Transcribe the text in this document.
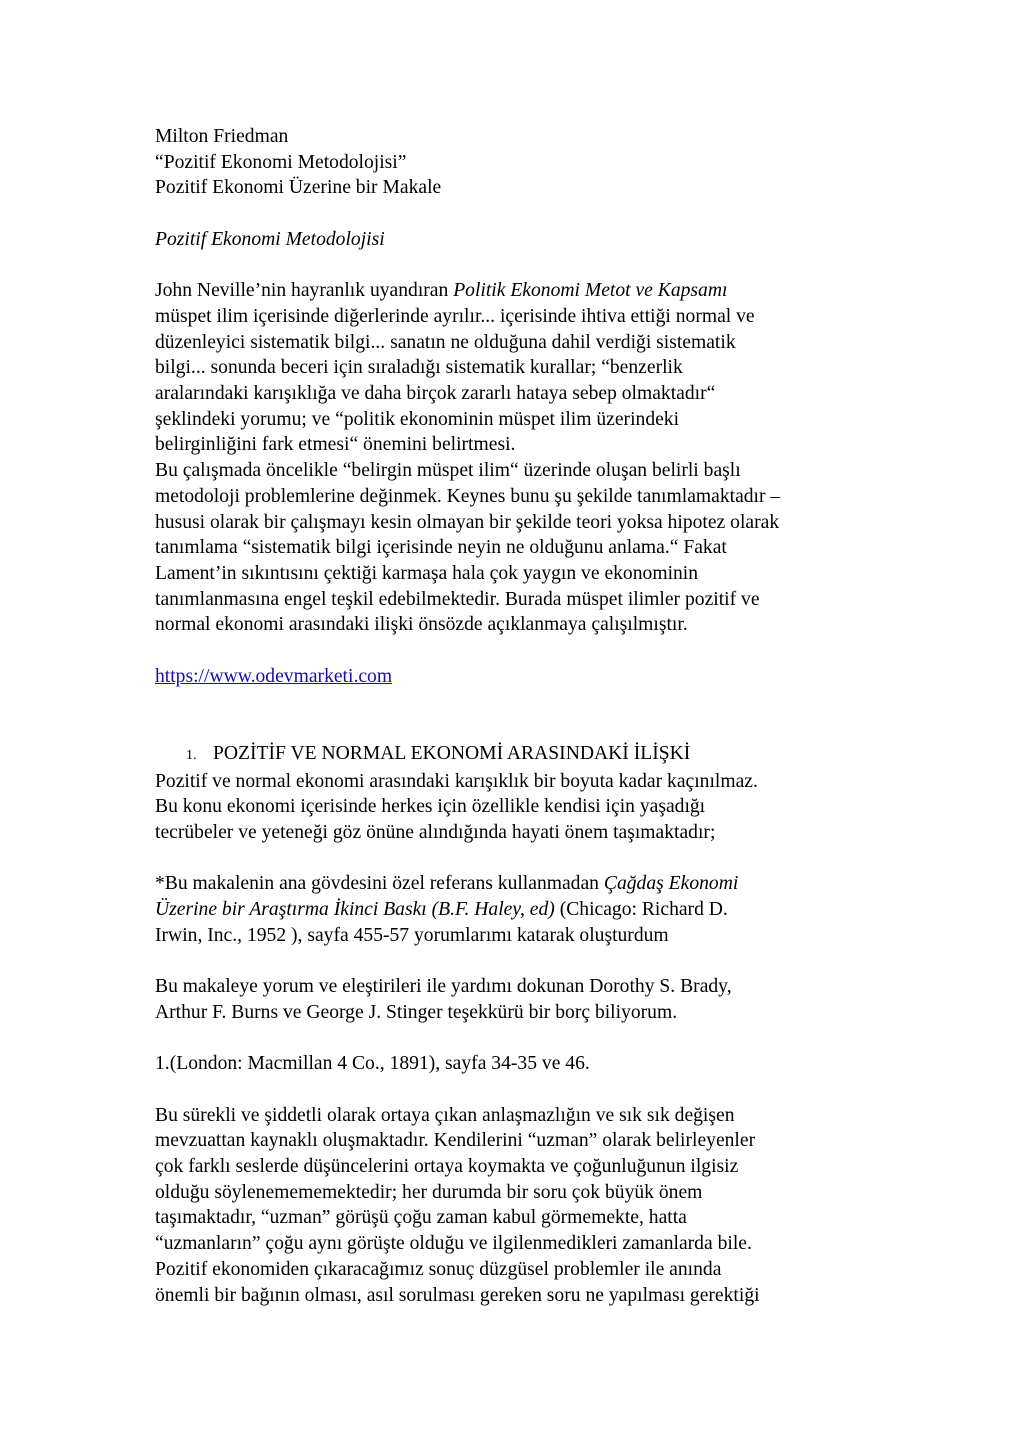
Milton Friedman
“Pozitif Ekonomi Metodolojisi”
Pozitif Ekonomi Üzerine bir Makale
Pozitif Ekonomi Metodolojisi
John Neville’nin hayranlık uyandıran Politik Ekonomi Metot ve Kapsamı
müspet ilim içerisinde diğerlerinde ayrılır... içerisinde ihtiva ettiği normal ve
düzenleyici sistematik bilgi... sanatın ne olduğuna dahil verdiği sistematik
bilgi... sonunda beceri için sıraladığı sistematik kurallar; “benzerlik
aralarındaki karışıklığa ve daha birçok zararlı hataya sebep olmaktadır“
şeklindeki yorumu; ve “politik ekonominin müspet ilim üzerindeki
belirginliğini fark etmesi“ önemini belirtmesi.
Bu çalışmada öncelikle “belirgin müspet ilim“ üzerinde oluşan belirli başlı
metodoloji problemlerine değinmek. Keynes bunu şu şekilde tanımlamaktadır –
hususi olarak bir çalışmayı kesin olmayan bir şekilde teori yoksa hipotez olarak
tanımlama “sistematik bilgi içerisinde neyin ne olduğunu anlama.“ Fakat
Lament’in sıkıntısını çektiği karmaşa hala çok yaygın ve ekonominin
tanımlanmasına engel teşkil edebilmektedir. Burada müspet ilimler pozitif ve
normal ekonomi arasındaki ilişki önsözde açıklanmaya çalışılmıştır.
https://www.odevmarketi.com
1. POZİTİF VE NORMAL EKONOMİ ARASINDAKİ İLİŞKİ
Pozitif ve normal ekonomi arasındaki karışıklık bir boyuta kadar kaçınılmaz.
Bu konu ekonomi içerisinde herkes için özellikle kendisi için yaşadığı
tecrübeler ve yeteneği göz önüne alındığında hayati önem taşımaktadır;
*Bu makalenin ana gövdesini özel referans kullanmadan Çağdaş Ekonomi
Üzerine bir Araştırma İkinci Baskı (B.F. Haley, ed) (Chicago: Richard D.
Irwin, Inc., 1952 ), sayfa 455-57 yorumlarımı katarak oluşturdum
Bu makaleye yorum ve eleştirileri ile yardımı dokunan Dorothy S. Brady,
Arthur F. Burns ve George J. Stinger teşekkürü bir borç biliyorum.
1.(London: Macmillan 4 Co., 1891), sayfa 34-35 ve 46.
Bu sürekli ve şiddetli olarak ortaya çıkan anlaşmazlığın ve sık sık değişen
mevzuattan kaynaklı oluşmaktadır. Kendilerini “uzman” olarak belirleyenler
çok farklı seslerde düşüncelerini ortaya koymakta ve çoğunluğunun ilgisiz
olduğu söylenemememektedir; her durumda bir soru çok büyük önem
taşımaktadır, “uzman” görüşü çoğu zaman kabul görmemekte, hatta
“uzmanların” çoğu aynı görüşte olduğu ve ilgilenmedikleri zamanlarda bile.
Pozitif ekonomiden çıkaracağımız sonuç düzgüsel problemler ile anında
önemli bir bağının olması, asıl sorulması gereken soru ne yapılması gerektiği
